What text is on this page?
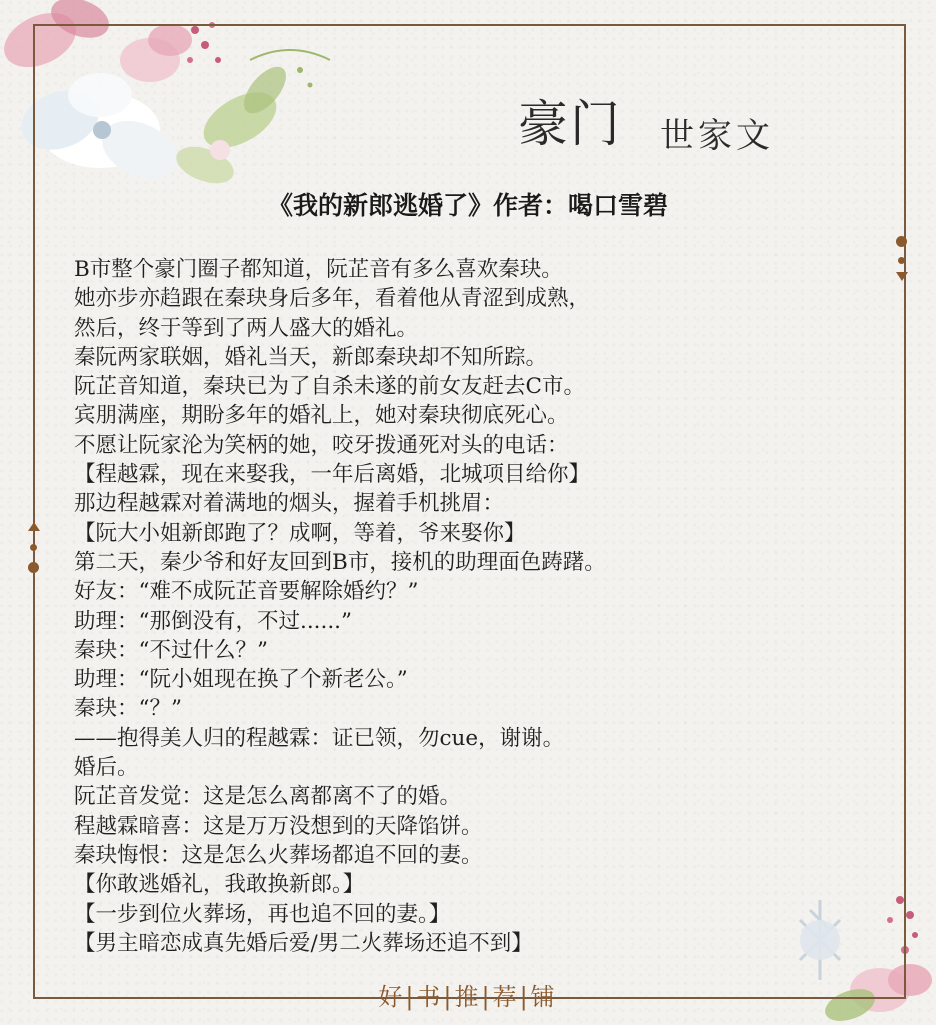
豪门 世家文
《我的新郎逃婚了》作者：喝口雪碧
B市整个豪门圈子都知道，阮芷音有多么喜欢秦玦。
她亦步亦趋跟在秦玦身后多年，看着他从青涩到成熟，
然后，终于等到了两人盛大的婚礼。
秦阮两家联姻，婚礼当天，新郎秦玦却不知所踪。
阮芷音知道，秦玦已为了自杀未遂的前女友赶去C市。
宾朋满座，期盼多年的婚礼上，她对秦玦彻底死心。
不愿让阮家沦为笑柄的她，咬牙拨通死对头的电话：
【程越霖，现在来娶我，一年后离婚，北城项目给你】
那边程越霖对着满地的烟头，握着手机挑眉：
【阮大小姐新郎跑了？成啊，等着，爷来娶你】
第二天，秦少爷和好友回到B市，接机的助理面色踌躇。
好友：“难不成阮芷音要解除婚约？”
助理：“那倒没有，不过......”
秦玦：“不过什么？”
助理：“阮小姐现在换了个新老公。”
秦玦：“？”
——抱得美人归的程越霖：证已领，勿cue，谢谢。
婚后。
阮芷音发觉：这是怎么离都离不了的婚。
程越霖暗喜：这是万万没想到的天降馅饼。
秦玦悔恨：这是怎么火葬场都追不回的妻。
【你敢逃婚礼，我敢换新郎。】
【一步到位火葬场，再也追不回的妻。】
【男主暗恋成真先婚后爱/男二火葬场还追不到】
好|书|推|荐|铺
